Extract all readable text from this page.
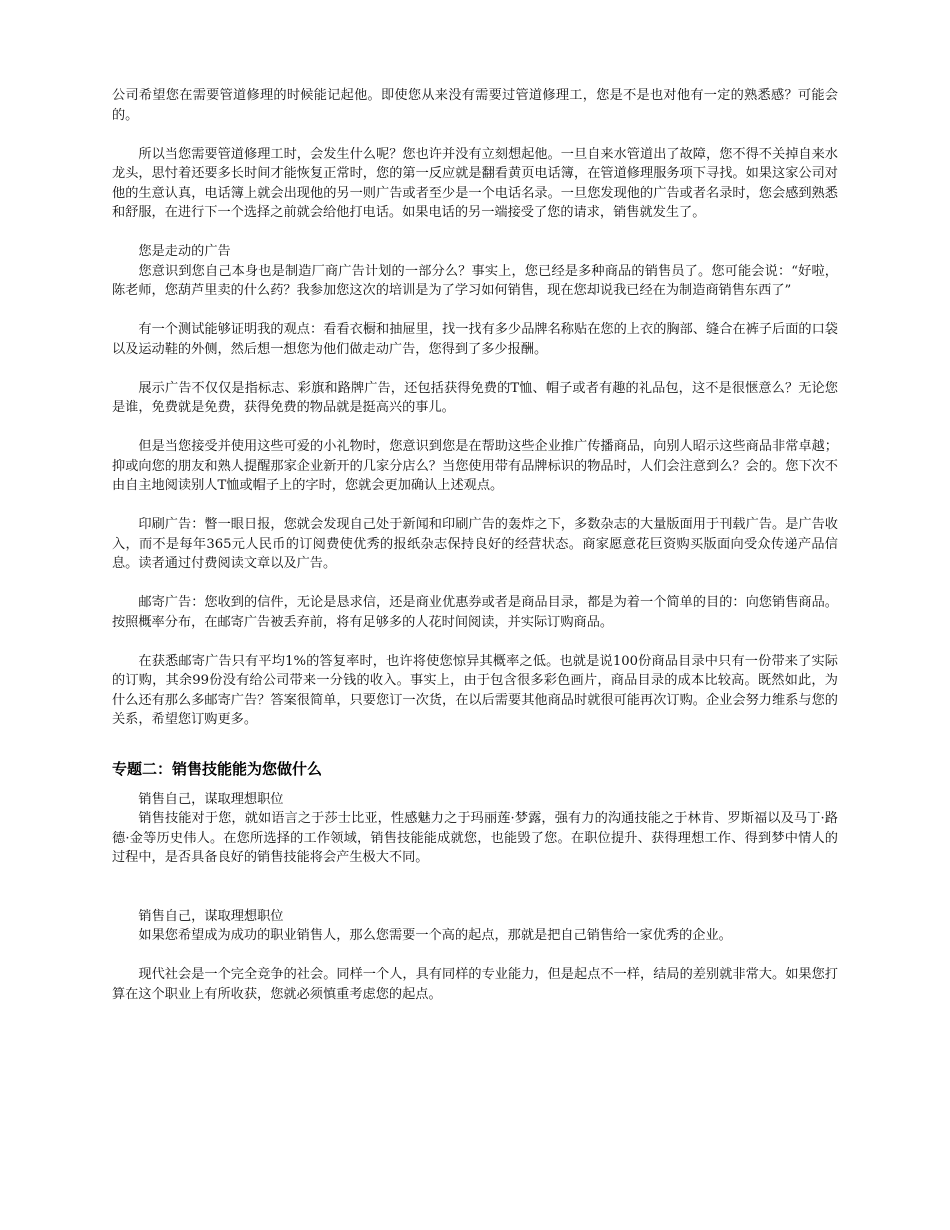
公司希望您在需要管道修理的时候能记起他。即使您从来没有需要过管道修理工，您是不是也对他有一定的熟悉感？可能会的。

所以当您需要管道修理工时，会发生什么呢？您也许并没有立刻想起他。一旦自来水管道出了故障，您不得不关掉自来水龙头，思忖着还要多长时间才能恢复正常时，您的第一反应就是翻看黄页电话簿，在管道修理服务项下寻找。如果这家公司对他的生意认真，电话簿上就会出现他的另一则广告或者至少是一个电话名录。一旦您发现他的广告或者名录时，您会感到熟悉和舒服，在进行下一个选择之前就会给他打电话。如果电话的另一端接受了您的请求，销售就发生了。

您是走动的广告

您意识到您自己本身也是制造厂商广告计划的一部分么？事实上，您已经是多种商品的销售员了。您可能会说：“好啦，陈老师，您葫芦里卖的什么药？我参加您这次的培训是为了学习如何销售，现在您却说我已经在为制造商销售东西了”

有一个测试能够证明我的观点：看看衣橱和抽屉里，找一找有多少品牌名称贴在您的上衣的胸部、缝合在裤子后面的口袋以及运动鞋的外侧，然后想一想您为他们做走动广告，您得到了多少报酬。

展示广告不仅仅是指标志、彩旗和路牌广告，还包括获得免费的T恤、帽子或者有趣的礼品包，这不是很惬意么？无论您是谁，免费就是免费，获得免费的物品就是挺高兴的事儿。

但是当您接受并使用这些可爱的小礼物时，您意识到您是在帮助这些企业推广传播商品，向别人昭示这些商品非常卓越；抑或向您的朋友和熟人提醒那家企业新开的几家分店么？当您使用带有品牌标识的物品时，人们会注意到么？会的。您下次不由自主地阅读别人T恤或帽子上的字时，您就会更加确认上述观点。

印刷广告：瞥一眼日报，您就会发现自己处于新闻和印刷广告的轰炸之下，多数杂志的大量版面用于刊载广告。是广告收入，而不是每年365元人民币的订阅费使优秀的报纸杂志保持良好的经营状态。商家愿意花巨资购买版面向受众传递产品信息。读者通过付费阅读文章以及广告。

邮寄广告：您收到的信件，无论是恳求信，还是商业优惠券或者是商品目录，都是为着一个简单的目的：向您销售商品。按照概率分布，在邮寄广告被丢弃前，将有足够多的人花时间阅读，并实际订购商品。

在获悉邮寄广告只有平均1%的答复率时，也许将使您惊异其概率之低。也就是说100份商品目录中只有一份带来了实际的订购，其余99份没有给公司带来一分钱的收入。事实上，由于包含很多彩色画片，商品目录的成本比较高。既然如此，为什么还有那么多邮寄广告？答案很简单，只要您订一次货，在以后需要其他商品时就很可能再次订购。企业会努力维系与您的关系，希望您订购更多。

专题二：销售技能能为您做什么

销售自己，谋取理想职位

销售技能对于您，就如语言之于莎士比亚，性感魅力之于玛丽莲·梦露，强有力的沟通技能之于林肯、罗斯福以及马丁·路德·金等历史伟人。在您所选择的工作领域，销售技能能成就您，也能毁了您。在职位提升、获得理想工作、得到梦中情人的过程中，是否具备良好的销售技能将会产生极大不同。

销售自己，谋取理想职位

如果您希望成为成功的职业销售人，那么您需要一个高的起点，那就是把自己销售给一家优秀的企业。

现代社会是一个完全竞争的社会。同样一个人，具有同样的专业能力，但是起点不一样，结局的差别就非常大。如果您打算在这个职业上有所收获，您就必须慎重考虑您的起点。
